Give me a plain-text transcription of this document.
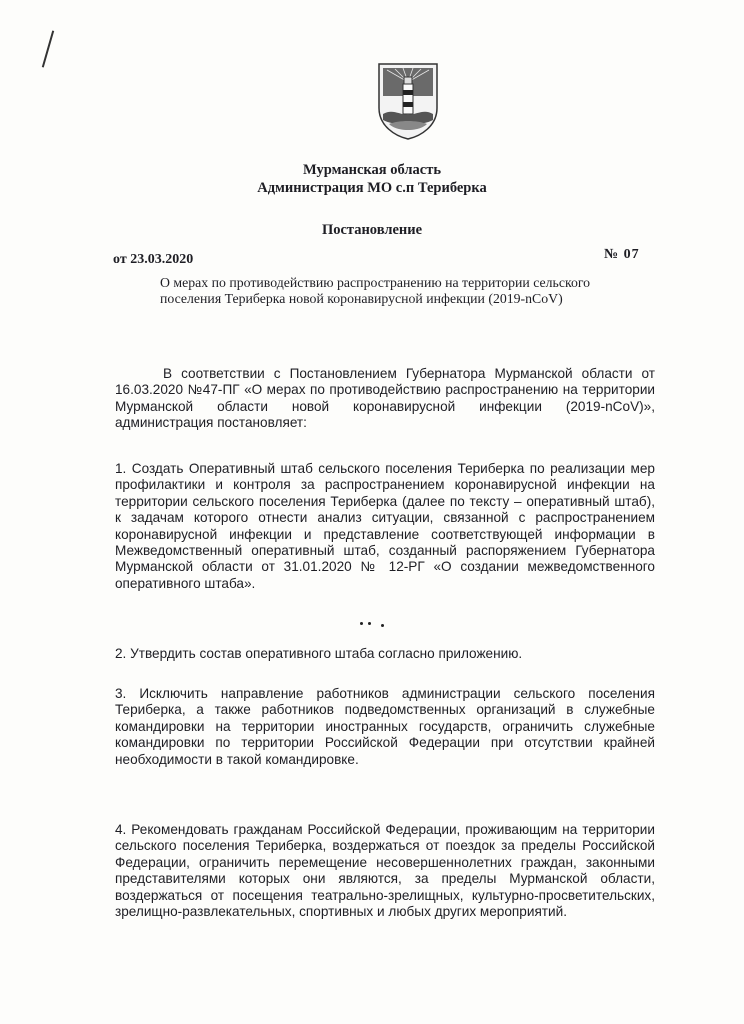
Мурманская область
Администрация МО с.п Териберка
Постановление
от 23.03.2020	№ 07
О мерах по противодействию распространению на территории сельского поселения Териберка новой коронавирусной инфекции (2019-nCoV)
В соответствии с Постановлением Губернатора Мурманской области от 16.03.2020 №47-ПГ «О мерах по противодействию распространению на территории Мурманской области новой коронавирусной инфекции (2019-nCoV)», администрация постановляет:
1. Создать Оперативный штаб сельского поселения Териберка по реализации мер профилактики и контроля за распространением коронавирусной инфекции на территории сельского поселения Териберка (далее по тексту – оперативный штаб), к задачам которого отнести анализ ситуации, связанной с распространением коронавирусной инфекции и представление соответствующей информации в Межведомственный оперативный штаб, созданный распоряжением Губернатора Мурманской области от 31.01.2020 № 12-РГ «О создании межведомственного оперативного штаба».
2. Утвердить состав оперативного штаба согласно приложению.
3. Исключить направление работников администрации сельского поселения Териберка, а также работников подведомственных организаций в служебные командировки на территории иностранных государств, ограничить служебные командировки по территории Российской Федерации при отсутствии крайней необходимости в такой командировке.
4. Рекомендовать гражданам Российской Федерации, проживающим на территории сельского поселения Териберка, воздержаться от поездок за пределы Российской Федерации, ограничить перемещение несовершеннолетних граждан, законными представителями которых они являются, за пределы Мурманской области, воздержаться от посещения театрально-зрелищных, культурно-просветительских, зрелищно-развлекательных, спортивных и любых других мероприятий.
